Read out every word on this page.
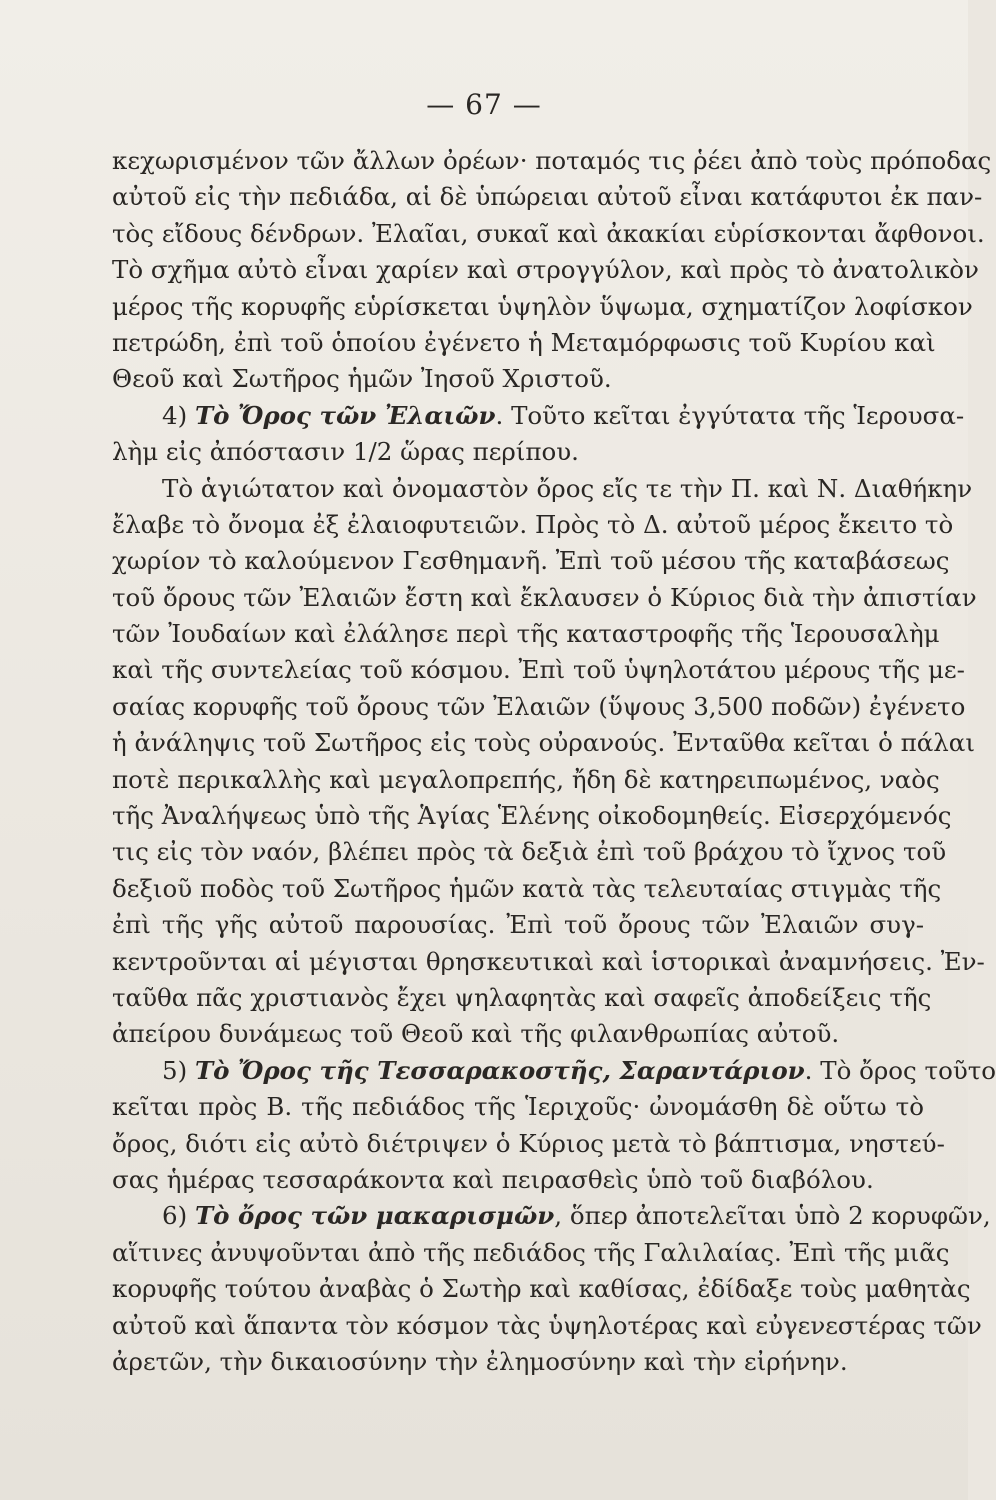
— 67 —
κεχωρισμένον τῶν ἄλλων ὀρέων· ποταμός τις ῥέει ἀπὸ τοὺς πρόποδας
αὐτοῦ εἰς τὴν πεδιάδα, αἱ δὲ ὑπώρειαι αὐτοῦ εἶναι κατάφυτοι ἐκ παν-
τὸς εἴδους δένδρων. Ἐλαῖαι, συκαῖ καὶ ἀκακίαι εὑρίσκονται ἄφθονοι.
Τὸ σχῆμα αὐτὸ εἶναι χαρίεν καὶ στρογγύλον, καὶ πρὸς τὸ ἀνατολικὸν
μέρος τῆς κορυφῆς εὑρίσκεται ὑψηλὸν ὕψωμα, σχηματίζον λοφίσκον
πετρώδη, ἐπὶ τοῦ ὁποίου ἐγένετο ἡ Μεταμόρφωσις τοῦ Κυρίου καὶ
Θεοῦ καὶ Σωτῆρος ἡμῶν Ἰησοῦ Χριστοῦ.
4) Τὸ Ὄρος τῶν Ἐλαιῶν. Τοῦτο κεῖται ἐγγύτατα τῆς Ἱερουσα-
λὴμ εἰς ἀπόστασιν 1/2 ὥρας περίπου.
Τὸ ἁγιώτατον καὶ ὀνομαστὸν ὄρος εἴς τε τὴν Π. καὶ Ν. Διαθήκην
ἔλαβε τὸ ὄνομα ἐξ ἐλαιοφυτειῶν. Πρὸς τὸ Δ. αὐτοῦ μέρος ἔκειτο τὸ
χωρίον τὸ καλούμενον Γεσθημανῆ. Ἐπὶ τοῦ μέσου τῆς καταβάσεως
τοῦ ὄρους τῶν Ἐλαιῶν ἔστη καὶ ἔκλαυσεν ὁ Κύριος διὰ τὴν ἀπιστίαν
τῶν Ἰουδαίων καὶ ἐλάλησε περὶ τῆς καταστροφῆς τῆς Ἱερουσαλὴμ
καὶ τῆς συντελείας τοῦ κόσμου. Ἐπὶ τοῦ ὑψηλοτάτου μέρους τῆς με-
σαίας κορυφῆς τοῦ ὄρους τῶν Ἐλαιῶν (ὕψους 3,500 ποδῶν) ἐγένετο
ἡ ἀνάληψις τοῦ Σωτῆρος εἰς τοὺς οὐρανούς. Ἐνταῦθα κεῖται ὁ πάλαι
ποτὲ περικαλλὴς καὶ μεγαλοπρεπής, ἤδη δὲ κατηρειπωμένος, ναὸς
τῆς Ἀναλήψεως ὑπὸ τῆς Ἁγίας Ἑλένης οἰκοδομηθείς. Εἰσερχόμενός
τις εἰς τὸν ναόν, βλέπει πρὸς τὰ δεξιὰ ἐπὶ τοῦ βράχου τὸ ἴχνος τοῦ
δεξιοῦ ποδὸς τοῦ Σωτῆρος ἡμῶν κατὰ τὰς τελευταίας στιγμὰς τῆς
ἐπὶ τῆς γῆς αὐτοῦ παρουσίας. Ἐπὶ τοῦ ὄρους τῶν Ἐλαιῶν συγ-
κεντροῦνται αἱ μέγισται θρησκευτικαὶ καὶ ἱστορικαὶ ἀναμνήσεις. Ἐν-
ταῦθα πᾶς χριστιανὸς ἔχει ψηλαφητὰς καὶ σαφεῖς ἀποδείξεις τῆς
ἀπείρου δυνάμεως τοῦ Θεοῦ καὶ τῆς φιλανθρωπίας αὐτοῦ.
5) Τὸ Ὄρος τῆς Τεσσαρακοστῆς, Σαραντάριον. Τὸ ὄρος τοῦτο
κεῖται πρὸς Β. τῆς πεδιάδος τῆς Ἱεριχοῦς· ὠνομάσθη δὲ οὕτω τὸ
ὄρος, διότι εἰς αὐτὸ διέτριψεν ὁ Κύριος μετὰ τὸ βάπτισμα, νηστεύ-
σας ἡμέρας τεσσαράκοντα καὶ πειρασθεὶς ὑπὸ τοῦ διαβόλου.
6) Τὸ ὄρος τῶν μακαρισμῶν, ὅπερ ἀποτελεῖται ὑπὸ 2 κορυφῶν,
αἵτινες ἀνυψοῦνται ἀπὸ τῆς πεδιάδος τῆς Γαλιλαίας. Ἐπὶ τῆς μιᾶς
κορυφῆς τούτου ἀναβὰς ὁ Σωτὴρ καὶ καθίσας, ἐδίδαξε τοὺς μαθητὰς
αὐτοῦ καὶ ἅπαντα τὸν κόσμον τὰς ὑψηλοτέρας καὶ εὐγενεστέρας τῶν
ἀρετῶν, τὴν δικαιοσύνην τὴν ἐλημοσύνην καὶ τὴν εἰρήνην.
